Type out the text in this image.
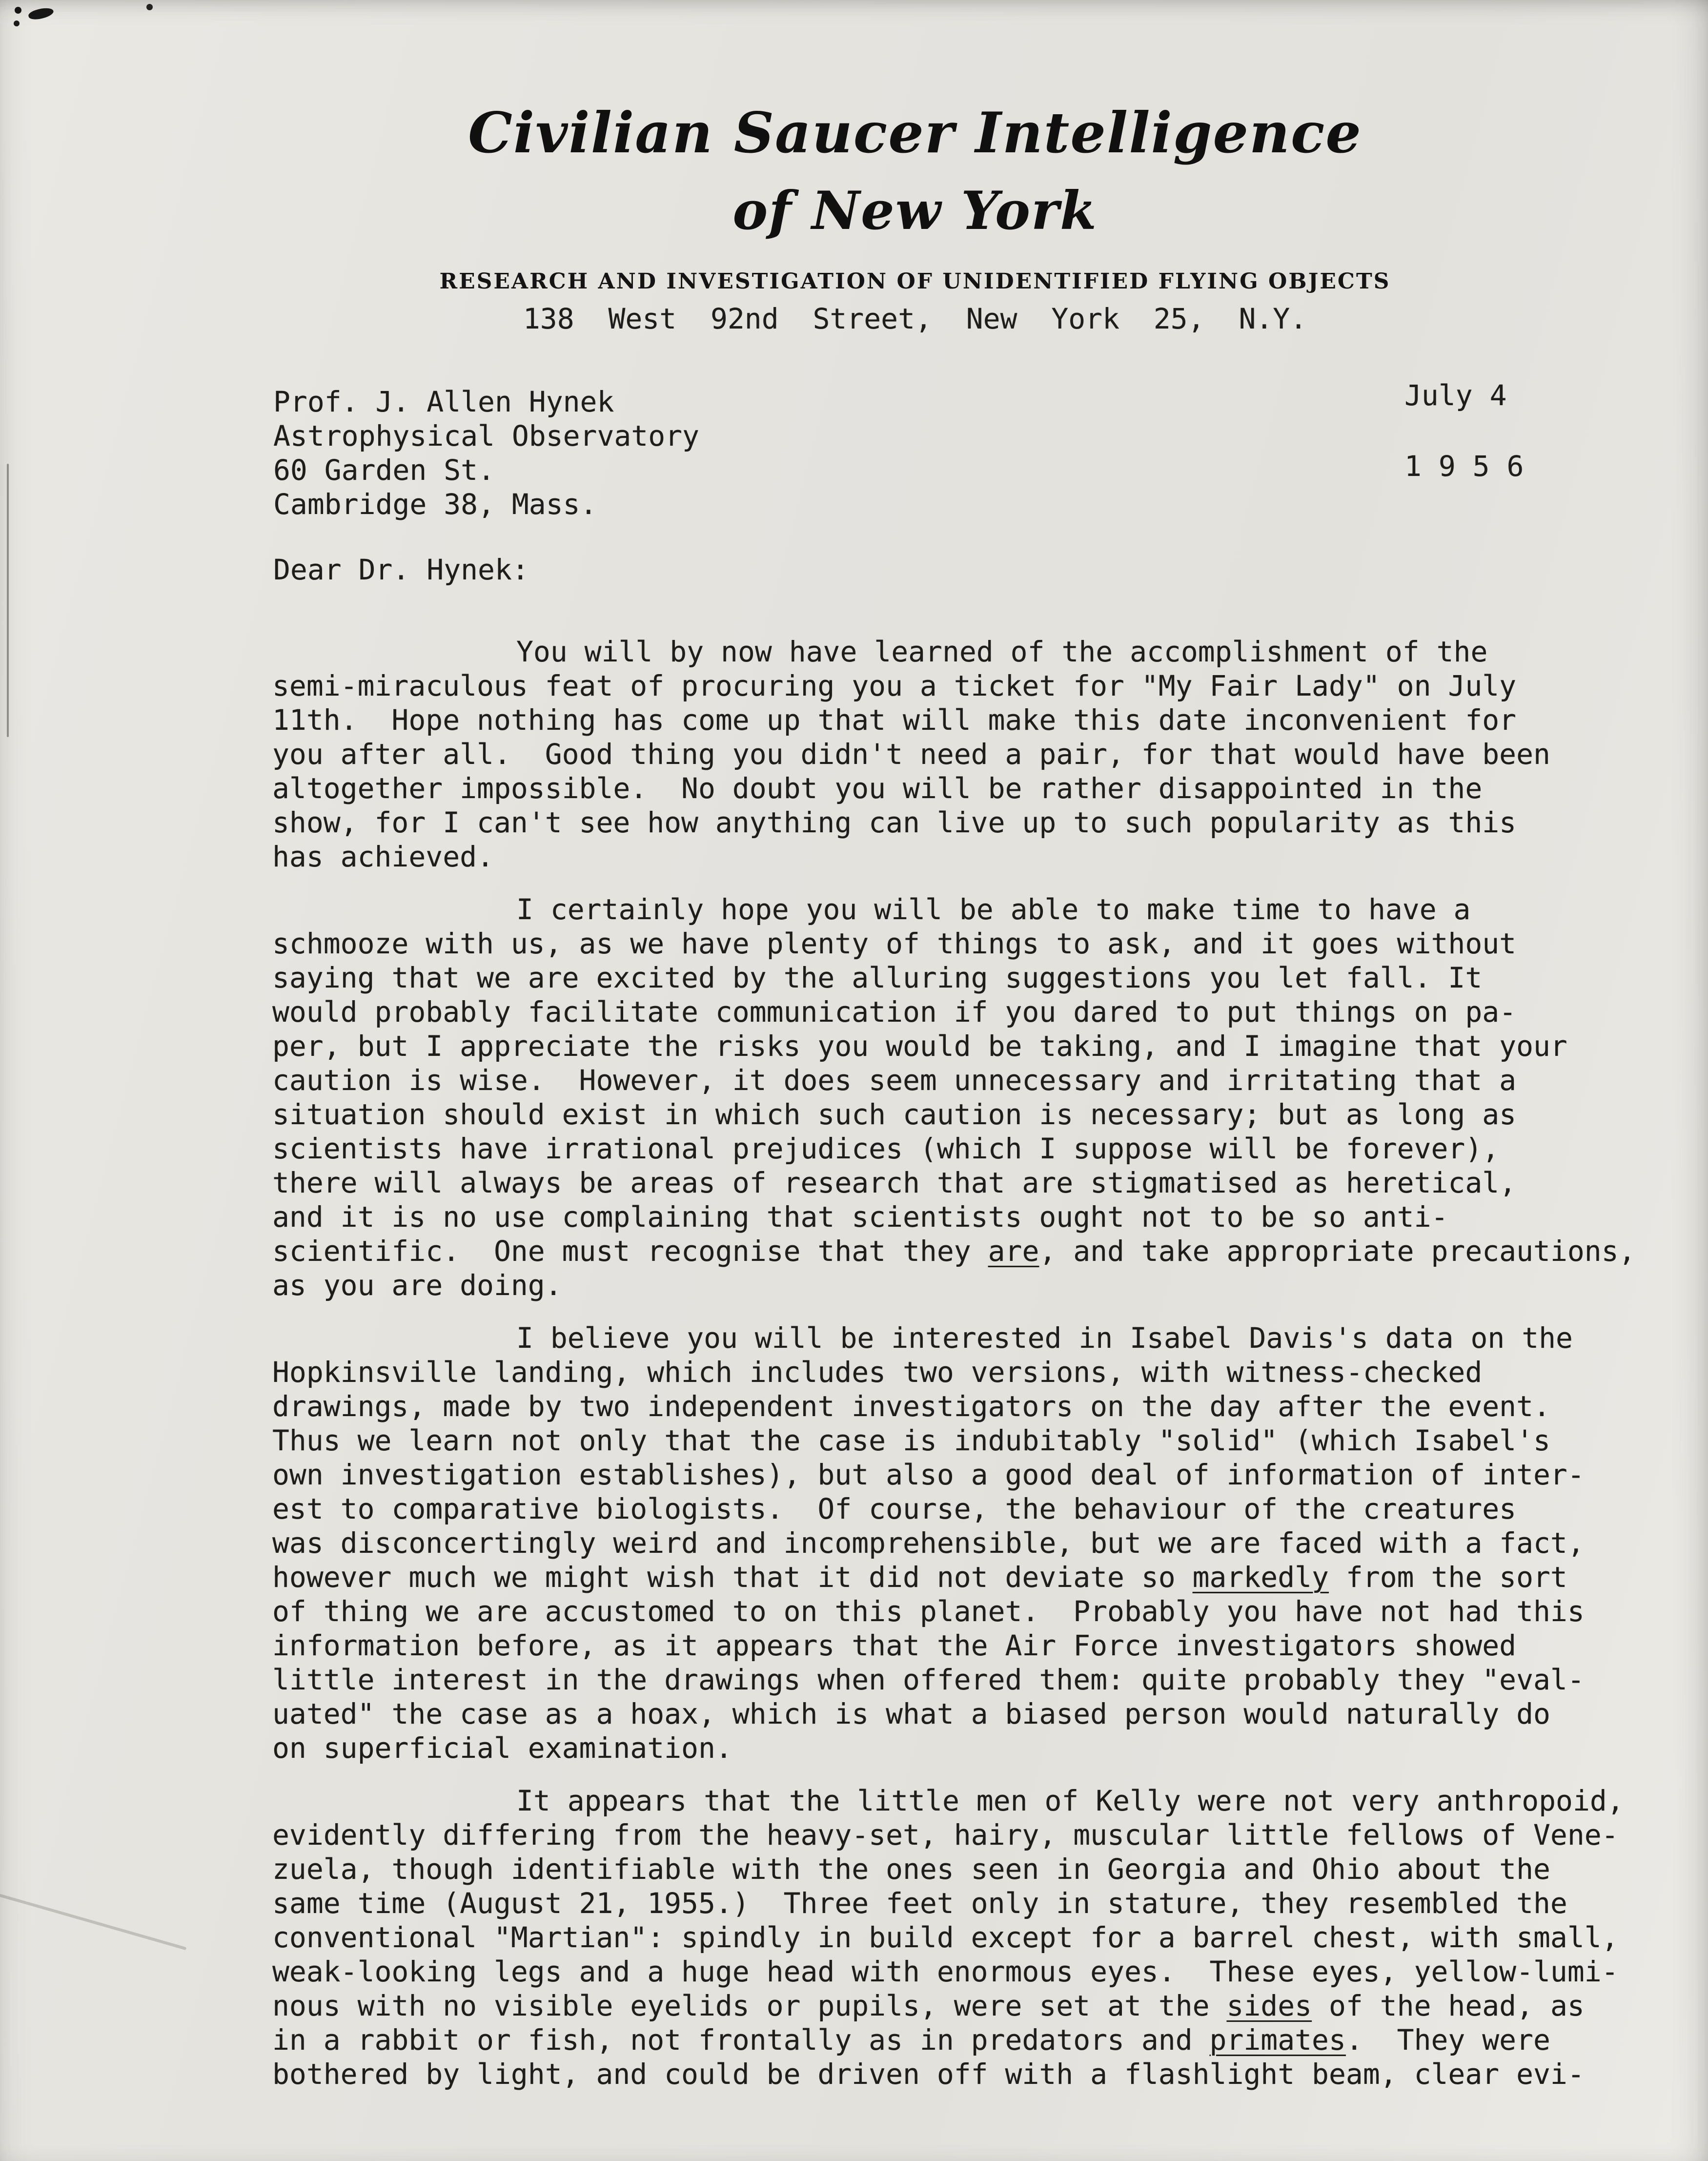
Civilian Saucer Intelligence
of New York
RESEARCH AND INVESTIGATION OF UNIDENTIFIED FLYING OBJECTS
138  West  92nd  Street,  New  York  25,  N.Y.
Prof. J. Allen Hynek
Astrophysical Observatory
60 Garden St.
Cambridge 38, Mass.
July 4
1 9 5 6
Dear Dr. Hynek:
You will by now have learned of the accomplishment of the
semi-miraculous feat of procuring you a ticket for "My Fair Lady" on July
11th.  Hope nothing has come up that will make this date inconvenient for
you after all.  Good thing you didn't need a pair, for that would have been
altogether impossible.  No doubt you will be rather disappointed in the
show, for I can't see how anything can live up to such popularity as this
has achieved.
I certainly hope you will be able to make time to have a
schmooze with us, as we have plenty of things to ask, and it goes without
saying that we are excited by the alluring suggestions you let fall. It
would probably facilitate communication if you dared to put things on pa-
per, but I appreciate the risks you would be taking, and I imagine that your
caution is wise.  However, it does seem unnecessary and irritating that a
situation should exist in which such caution is necessary; but as long as
scientists have irrational prejudices (which I suppose will be forever),
there will always be areas of research that are stigmatised as heretical,
and it is no use complaining that scientists ought not to be so anti-
scientific.  One must recognise that they are, and take appropriate precautions,
as you are doing.
I believe you will be interested in Isabel Davis's data on the
Hopkinsville landing, which includes two versions, with witness-checked
drawings, made by two independent investigators on the day after the event.
Thus we learn not only that the case is indubitably "solid" (which Isabel's
own investigation establishes), but also a good deal of information of inter-
est to comparative biologists.  Of course, the behaviour of the creatures
was disconcertingly weird and incomprehensible, but we are faced with a fact,
however much we might wish that it did not deviate so markedly from the sort
of thing we are accustomed to on this planet.  Probably you have not had this
information before, as it appears that the Air Force investigators showed
little interest in the drawings when offered them: quite probably they "eval-
uated" the case as a hoax, which is what a biased person would naturally do
on superficial examination.
It appears that the little men of Kelly were not very anthropoid,
evidently differing from the heavy-set, hairy, muscular little fellows of Vene-
zuela, though identifiable with the ones seen in Georgia and Ohio about the
same time (August 21, 1955.)  Three feet only in stature, they resembled the
conventional "Martian": spindly in build except for a barrel chest, with small,
weak-looking legs and a huge head with enormous eyes.  These eyes, yellow-lumi-
nous with no visible eyelids or pupils, were set at the sides of the head, as
in a rabbit or fish, not frontally as in predators and primates.  They were
bothered by light, and could be driven off with a flashlight beam, clear evi-
